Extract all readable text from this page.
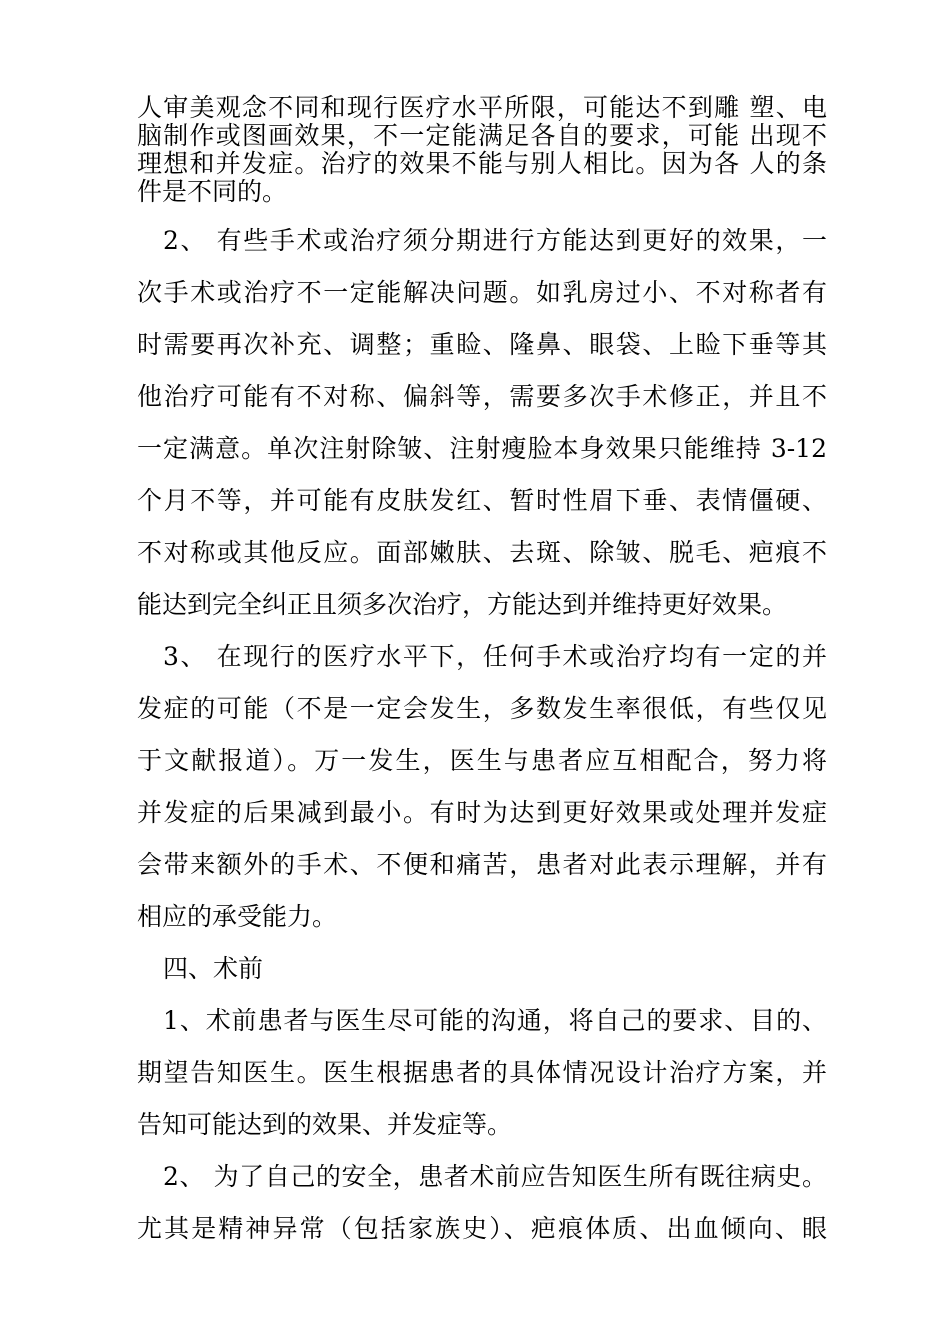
人审美观念不同和现行医疗水平所限，可能达不到雕 塑、电
脑制作或图画效果，不一定能满足各自的要求，可能 出现不
理想和并发症。治疗的效果不能与别人相比。因为各 人的条
件是不同的。
2、 有些手术或治疗须分期进行方能达到更好的效果，一
次手术或治疗不一定能解决问题。如乳房过小、不对称者有
时需要再次补充、调整；重睑、隆鼻、眼袋、上睑下垂等其
他治疗可能有不对称、偏斜等，需要多次手术修正，并且不
一定满意。单次注射除皱、注射瘦脸本身效果只能维持 3-12
个月不等，并可能有皮肤发红、暂时性眉下垂、表情僵硬、
不对称或其他反应。面部嫩肤、去斑、除皱、脱毛、疤痕不
能达到完全纠正且须多次治疗，方能达到并维持更好效果。
3、 在现行的医疗水平下，任何手术或治疗均有一定的并
发症的可能（不是一定会发生，多数发生率很低，有些仅见
于文献报道）。万一发生，医生与患者应互相配合，努力将
并发症的后果减到最小。有时为达到更好效果或处理并发症
会带来额外的手术、不便和痛苦，患者对此表示理解，并有
相应的承受能力。
四、术前
1、术前患者与医生尽可能的沟通，将自己的要求、目的、
期望告知医生。医生根据患者的具体情况设计治疗方案，并
告知可能达到的效果、并发症等。
2、 为了自己的安全，患者术前应告知医生所有既往病史。
尤其是精神异常（包括家族史）、疤痕体质、出血倾向、眼
